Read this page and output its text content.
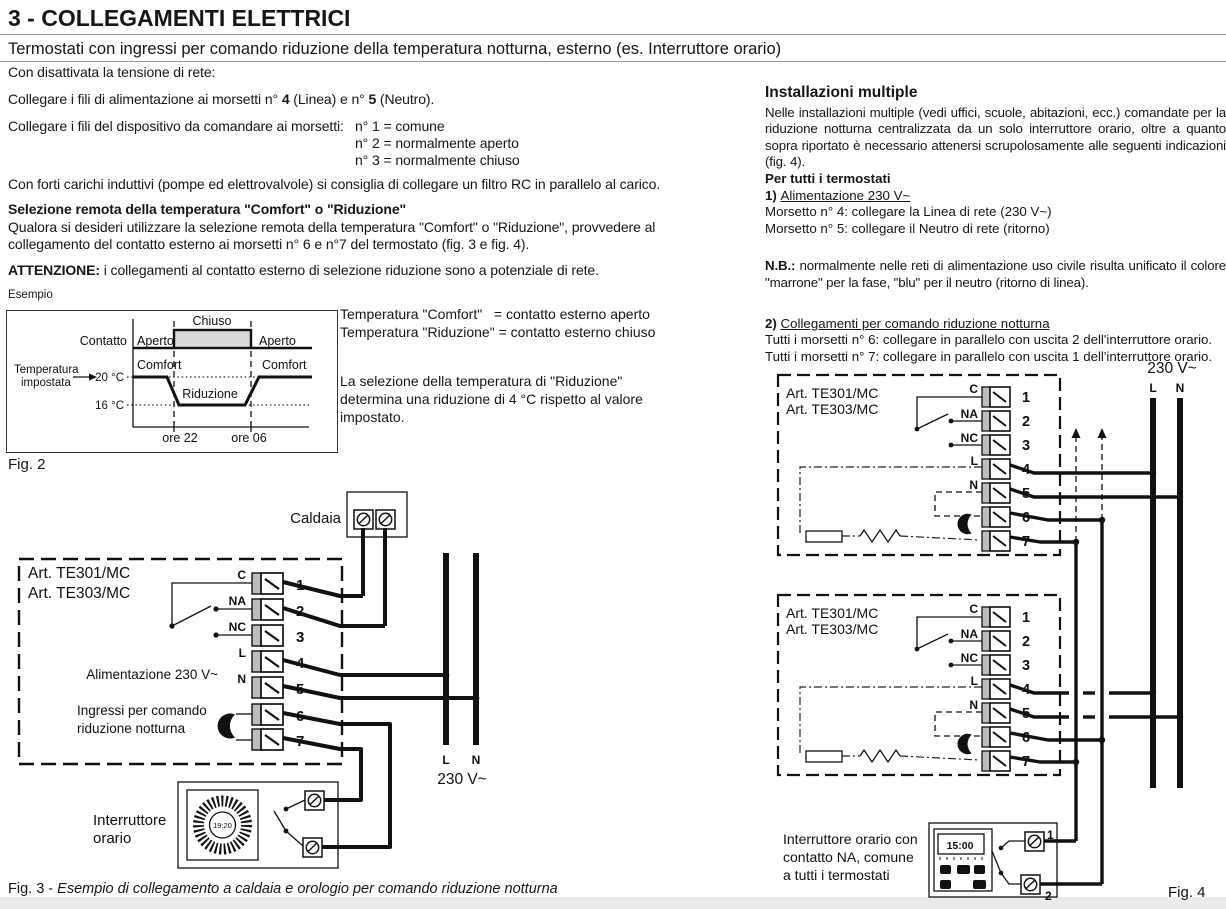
3 - COLLEGAMENTI ELETTRICI
Termostati con ingressi per comando riduzione della temperatura notturna, esterno (es. Interruttore orario)
Con disattivata la tensione di rete:
Collegare i fili di alimentazione ai morsetti n° 4 (Linea) e n° 5 (Neutro).
Collegare i fili del dispositivo da comandare ai morsetti: n° 1 = comune
n° 2 = normalmente aperto
n° 3 = normalmente chiuso
Con forti carichi induttivi (pompe ed elettrovalvole) si consiglia di collegare un filtro RC in parallelo al carico.
Selezione remota della temperatura "Comfort" o "Riduzione"
Qualora si desideri utilizzare la selezione remota della temperatura "Comfort" o "Riduzione", provvedere al collegamento del contatto esterno ai morsetti n° 6 e n°7 del termostato (fig. 3 e fig. 4).
ATTENZIONE: i collegamenti al contatto esterno di selezione riduzione sono a potenziale di rete.
Esempio
Contatto Aperto
Chiuso
Aperto
Comfort	Comfort
Riduzione
Temperatura
impostata 20 °C
16 °C
ore 22	ore 06
Fig. 2
Temperatura "Comfort"   = contatto esterno aperto
Temperatura "Riduzione" = contatto esterno chiuso
La selezione della temperatura di "Riduzione" determina una riduzione di 4 °C rispetto al valore impostato.
Installazioni multiple
Nelle installazioni multiple (vedi uffici, scuole, abitazioni, ecc.) comandate per la riduzione notturna centralizzata da un solo interruttore orario, oltre a quanto sopra riportato è necessario attenersi scrupolosamente alle seguenti indicazioni (fig. 4).
Per tutti i termostati
1) Alimentazione 230 V~
Morsetto n° 4: collegare la Linea di rete (230 V~)
Morsetto n° 5: collegare il Neutro di rete (ritorno)
N.B.: normalmente nelle reti di alimentazione uso civile risulta unificato il colore "marrone" per la fase, "blu" per il neutro (ritorno di linea).
2) Collegamenti per comando riduzione notturna
Tutti i morsetti n° 6: collegare in parallelo con uscita 2 dell'interruttore orario.
Tutti i morsetti n° 7: collegare in parallelo con uscita 1 dell'interruttore orario.
Caldaia
Art. TE301/MC
Art. TE303/MC	1
2
3
4
5
6
7
C
NA
NC
L
N
Alimentazione 230 V~
Ingressi per comando
riduzione notturna
L N
230 V~
19:20
Interruttore
orario
Fig. 3 - Esempio di collegamento a caldaia e orologio per comando riduzione notturna
230 V~
L N
Art. TE301/MC
Art. TE303/MC
1
2
3
4
5
6
7
C
NA
NC
L
N
Art. TE301/MC
Art. TE303/MC
1
2
3
4
5
6
7
C
NA
NC
L
N
15:00
1
2
Interruttore orario con
contatto NA, comune
a tutti i termostati
Fig. 4
